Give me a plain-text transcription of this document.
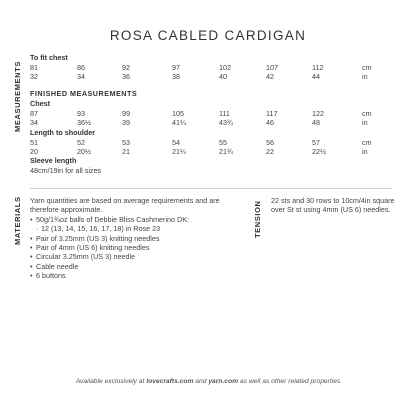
ROSA CABLED CARDIGAN
MEASUREMENTS
MATERIALS	TENSION
To fit chest
81	86	92	97	102	107	112	cm
32	34	36	38	40	42	44	in
FINISHED MEASUREMENTS
Chest
87	93	99	105	111	117	122	cm
34	36½	39	41¼	43¾	46	48	in
Length to shoulder
51	52	53	54	55	56	57	cm
20	20½	21	21¼	21¾	22	22½	in
Sleeve length
48cm/19in for all sizes
Yarn quantities are based on average requirements and are therefore approximate.
• 50g/1¾oz balls of Debbie Bliss Cashmerino DK:
· 12 (13, 14, 15, 16, 17, 18) in Rose 23
• Pair of 3.25mm (US 3) knitting needles
• Pair of 4mm (US 6) knitting needles
• Circular 3.25mm (US 3) needle
• Cable needle
• 6 buttons
22 sts and 30 rows to 10cm/4in square over St st using 4mm (US 6) needles.
Available exclusively at lovecrafts.com and yarn.com as well as other related properties
